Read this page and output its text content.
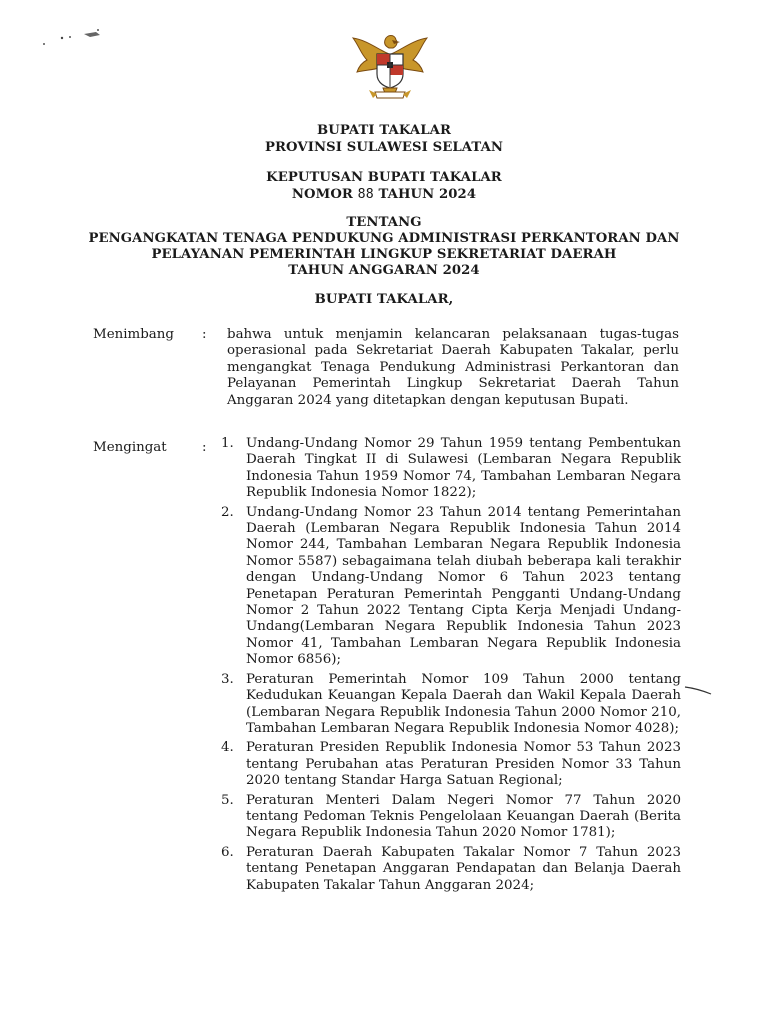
BUPATI TAKALAR
PROVINSI SULAWESI SELATAN
KEPUTUSAN BUPATI TAKALAR
NOMOR 88 TAHUN 2024
TENTANG
PENGANGKATAN TENAGA PENDUKUNG ADMINISTRASI PERKANTORAN DAN
PELAYANAN PEMERINTAH LINGKUP SEKRETARIAT DAERAH
TAHUN ANGGARAN 2024
BUPATI TAKALAR,
Menimbang : bahwa untuk menjamin kelancaran pelaksanaan tugas-tugas operasional pada Sekretariat Daerah Kabupaten Takalar, perlu mengangkat Tenaga Pendukung Administrasi Perkantoran dan Pelayanan Pemerintah Lingkup Sekretariat Daerah Tahun Anggaran 2024 yang ditetapkan dengan keputusan Bupati.
Mengingat	: 1. Undang-Undang Nomor 29 Tahun 1959 tentang Pembentukan Daerah Tingkat II di Sulawesi (Lembaran Negara Republik Indonesia Tahun 1959 Nomor 74, Tambahan Lembaran Negara Republik Indonesia Nomor 1822);
2. Undang-Undang Nomor 23 Tahun 2014 tentang Pemerintahan Daerah (Lembaran Negara Republik Indonesia Tahun 2014 Nomor 244, Tambahan Lembaran Negara Republik Indonesia Nomor 5587) sebagaimana telah diubah beberapa kali terakhir dengan Undang-Undang Nomor 6 Tahun 2023 tentang Penetapan Peraturan Pemerintah Pengganti Undang-Undang Nomor 2 Tahun 2022 Tentang Cipta Kerja Menjadi Undang-Undang(Lembaran Negara Republik Indonesia Tahun 2023 Nomor 41, Tambahan Lembaran Negara Republik Indonesia Nomor 6856);
3. Peraturan Pemerintah Nomor 109 Tahun 2000 tentang Kedudukan Keuangan Kepala Daerah dan Wakil Kepala Daerah (Lembaran Negara Republik Indonesia Tahun 2000 Nomor 210, Tambahan Lembaran Negara Republik Indonesia Nomor 4028);
4. Peraturan Presiden Republik Indonesia Nomor 53 Tahun 2023 tentang Perubahan atas Peraturan Presiden Nomor 33 Tahun 2020 tentang Standar Harga Satuan Regional;
5. Peraturan Menteri Dalam Negeri Nomor 77 Tahun 2020 tentang Pedoman Teknis Pengelolaan Keuangan Daerah (Berita Negara Republik Indonesia Tahun 2020 Nomor 1781);
6. Peraturan Daerah Kabupaten Takalar Nomor 7 Tahun 2023 tentang Penetapan Anggaran Pendapatan dan Belanja Daerah Kabupaten Takalar Tahun Anggaran 2024;
